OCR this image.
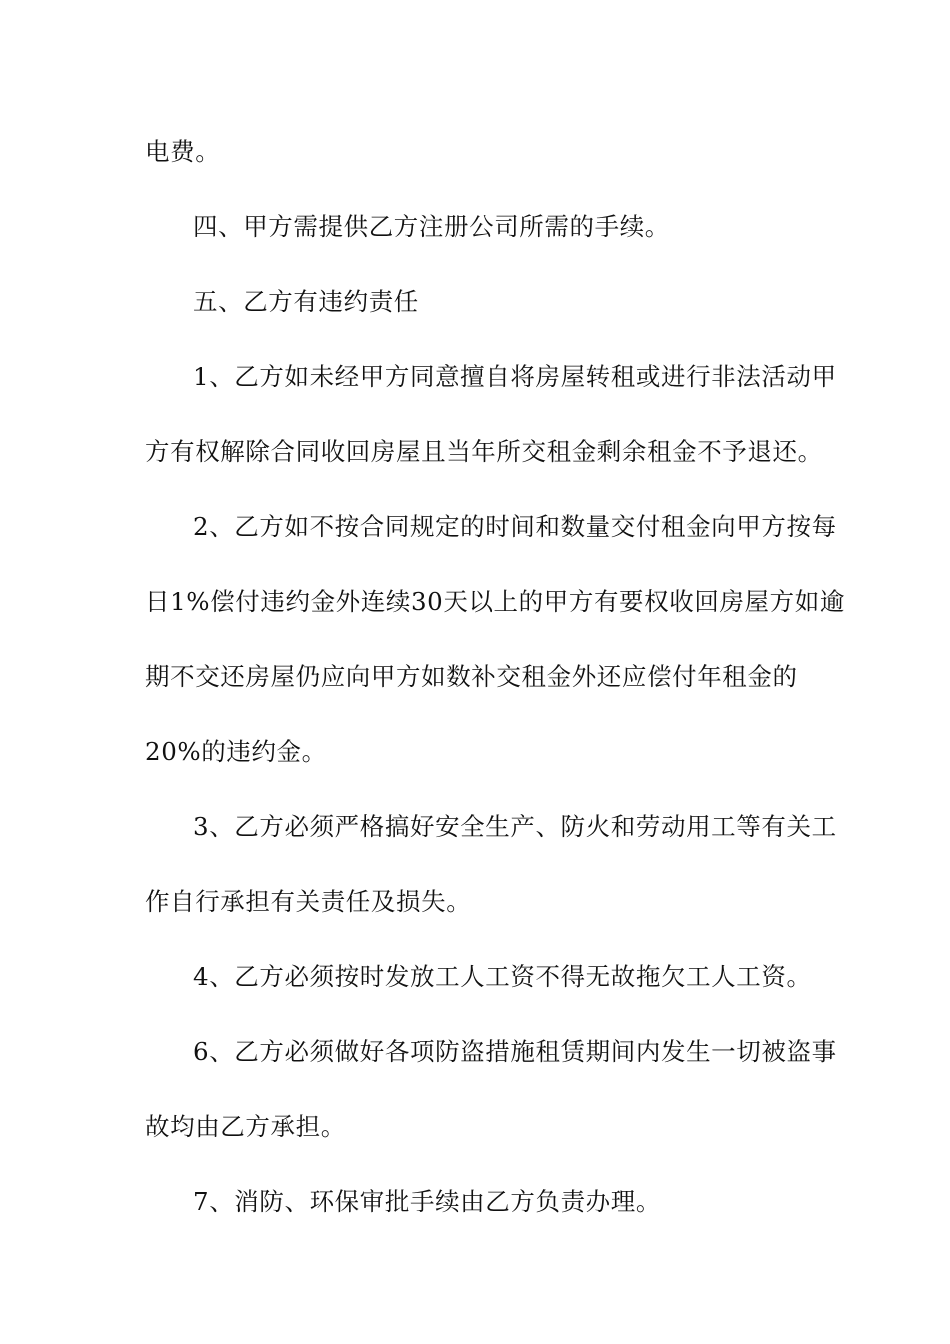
电费。
四、甲方需提供乙方注册公司所需的手续。
五、乙方有违约责任
1、乙方如未经甲方同意擅自将房屋转租或进行非法活动甲
方有权解除合同收回房屋且当年所交租金剩余租金不予退还。
2、乙方如不按合同规定的时间和数量交付租金向甲方按每
日1%偿付违约金外连续30天以上的甲方有要权收回房屋方如逾
期不交还房屋仍应向甲方如数补交租金外还应偿付年租金的
20%的违约金。
3、乙方必须严格搞好安全生产、防火和劳动用工等有关工
作自行承担有关责任及损失。
4、乙方必须按时发放工人工资不得无故拖欠工人工资。
6、乙方必须做好各项防盗措施租赁期间内发生一切被盗事
故均由乙方承担。
7、消防、环保审批手续由乙方负责办理。
